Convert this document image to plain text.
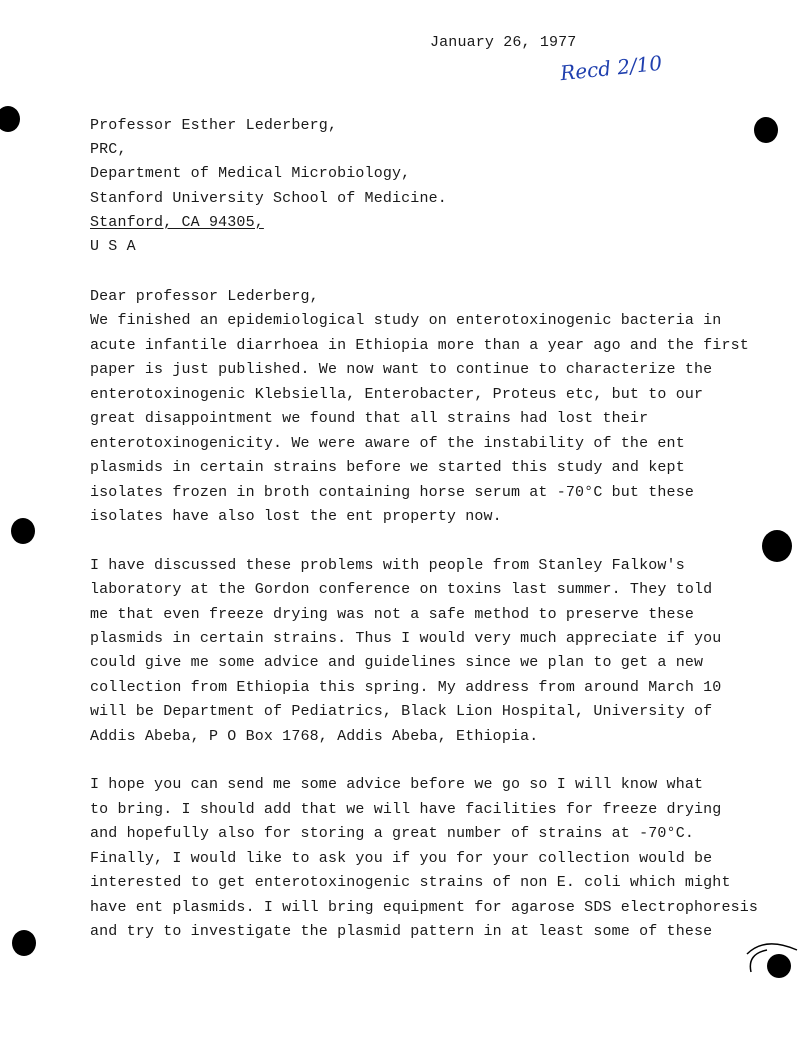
January 26, 1977
Recd 2/10
Professor Esther Lederberg,
PRC,
Department of Medical Microbiology,
Stanford University School of Medicine.
Stanford, CA 94305,
U S A
Dear professor Lederberg,
We finished an epidemiological study on enterotoxinogenic bacteria in
acute infantile diarrhoea in Ethiopia more than a year ago and the first
paper is just published. We now want to continue to characterize the
enterotoxinogenic Klebsiella, Enterobacter, Proteus etc, but to our
great disappointment we found that all strains had lost their
enterotoxinogenicity. We were aware of the instability of the ent
plasmids in certain strains before we started this study and kept
isolates frozen in broth containing horse serum at -70°C but these
isolates have also lost the ent property now.
I have discussed these problems with people from Stanley Falkow's
laboratory at the Gordon conference on toxins last summer. They told
me that even freeze drying was not a safe method to preserve these
plasmids in certain strains. Thus I would very much appreciate if you
could give me some advice and guidelines since we plan to get a new
collection from Ethiopia this spring. My address from around March 10
will be Department of Pediatrics, Black Lion Hospital, University of
Addis Abeba, P O Box 1768, Addis Abeba, Ethiopia.
I hope you can send me some advice before we go so I will know what
to bring. I should add that we will have facilities for freeze drying
and hopefully also for storing a great number of strains at -70°C.
Finally, I would like to ask you if you for your collection would be
interested to get enterotoxinogenic strains of non E. coli which might
have ent plasmids. I will bring equipment for agarose SDS electrophoresis
and try to investigate the plasmid pattern in at least some of these
